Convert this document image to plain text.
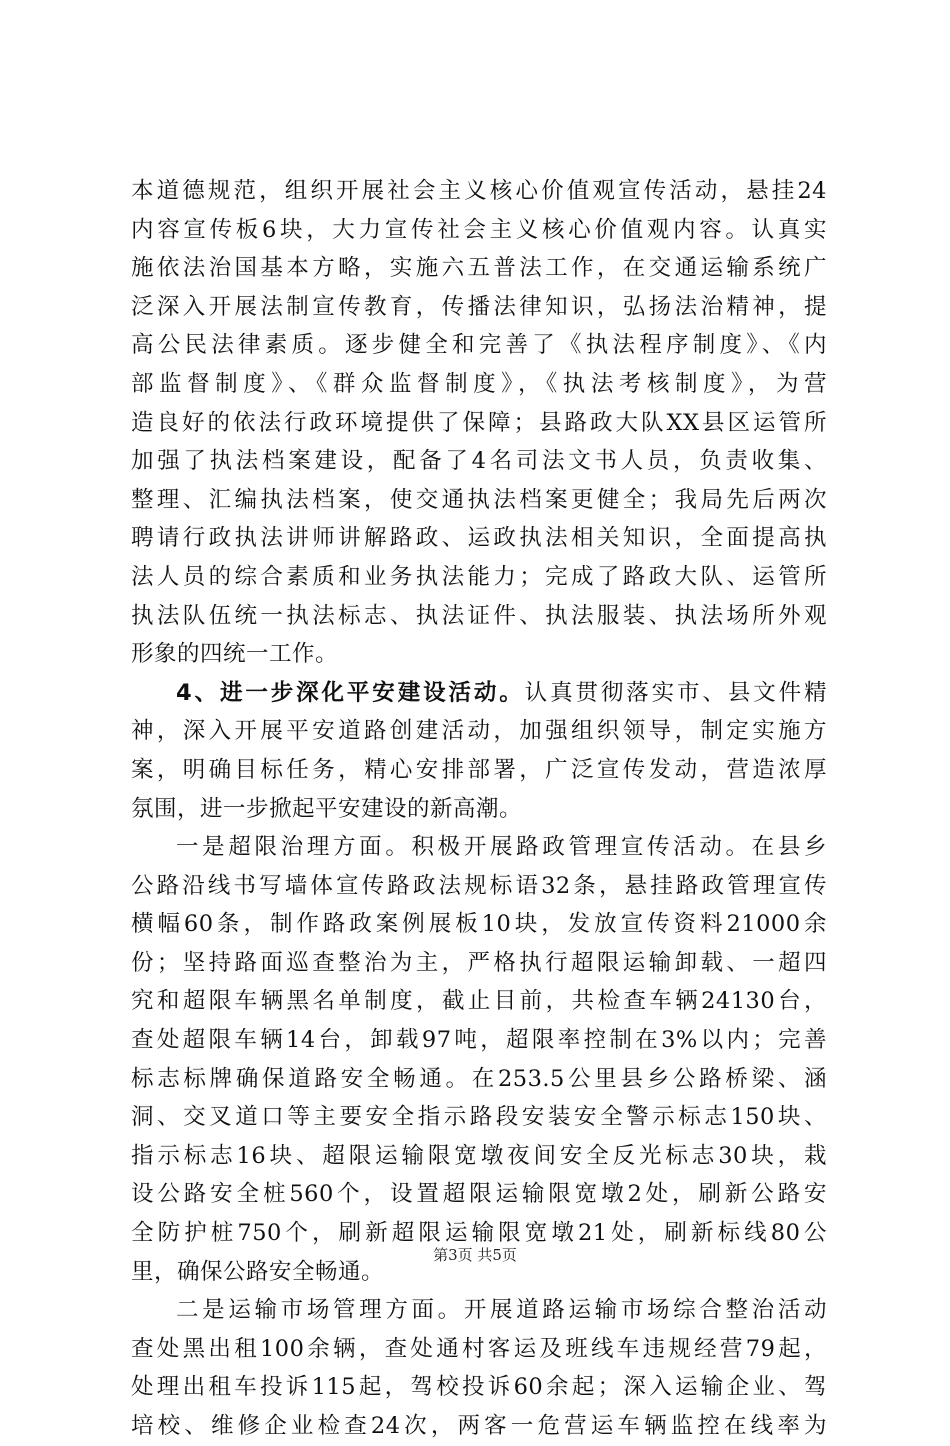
本道德规范，组织开展社会主义核心价值观宣传活动，悬挂24
内容宣传板6块，大力宣传社会主义核心价值观内容。认真实
施依法治国基本方略，实施六五普法工作，在交通运输系统广
泛深入开展法制宣传教育，传播法律知识，弘扬法治精神，提
高公民法律素质。逐步健全和完善了《执法程序制度》、《内
部监督制度》、《群众监督制度》，《执法考核制度》，为营
造良好的依法行政环境提供了保障；县路政大队XX县区运管所
加强了执法档案建设，配备了4名司法文书人员，负责收集、
整理、汇编执法档案，使交通执法档案更健全；我局先后两次
聘请行政执法讲师讲解路政、运政执法相关知识，全面提高执
法人员的综合素质和业务执法能力；完成了路政大队、运管所
执法队伍统一执法标志、执法证件、执法服装、执法场所外观
形象的四统一工作。
4、进一步深化平安建设活动。认真贯彻落实市、县文件精
神，深入开展平安道路创建活动，加强组织领导，制定实施方
案，明确目标任务，精心安排部署，广泛宣传发动，营造浓厚
氛围，进一步掀起平安建设的新高潮。
一是超限治理方面。积极开展路政管理宣传活动。在县乡
公路沿线书写墙体宣传路政法规标语32条，悬挂路政管理宣传
横幅60条，制作路政案例展板10块，发放宣传资料21000余
份；坚持路面巡查整治为主，严格执行超限运输卸载、一超四
究和超限车辆黑名单制度，截止目前，共检查车辆24130台，
查处超限车辆14台，卸载97吨，超限率控制在3%以内；完善
标志标牌确保道路安全畅通。在253.5公里县乡公路桥梁、涵
洞、交叉道口等主要安全指示路段安装安全警示标志150块、
指示标志16块、超限运输限宽墩夜间安全反光标志30块，栽
设公路安全桩560个，设置超限运输限宽墩2处，刷新公路安
全防护桩750个，刷新超限运输限宽墩21处，刷新标线80公
里，确保公路安全畅通。
二是运输市场管理方面。开展道路运输市场综合整治活动
查处黑出租100余辆，查处通村客运及班线车违规经营79起，
处理出租车投诉115起，驾校投诉60余起；深入运输企业、驾
培校、维修企业检查24次，两客一危营运车辆监控在线率为
第3页 共5页
